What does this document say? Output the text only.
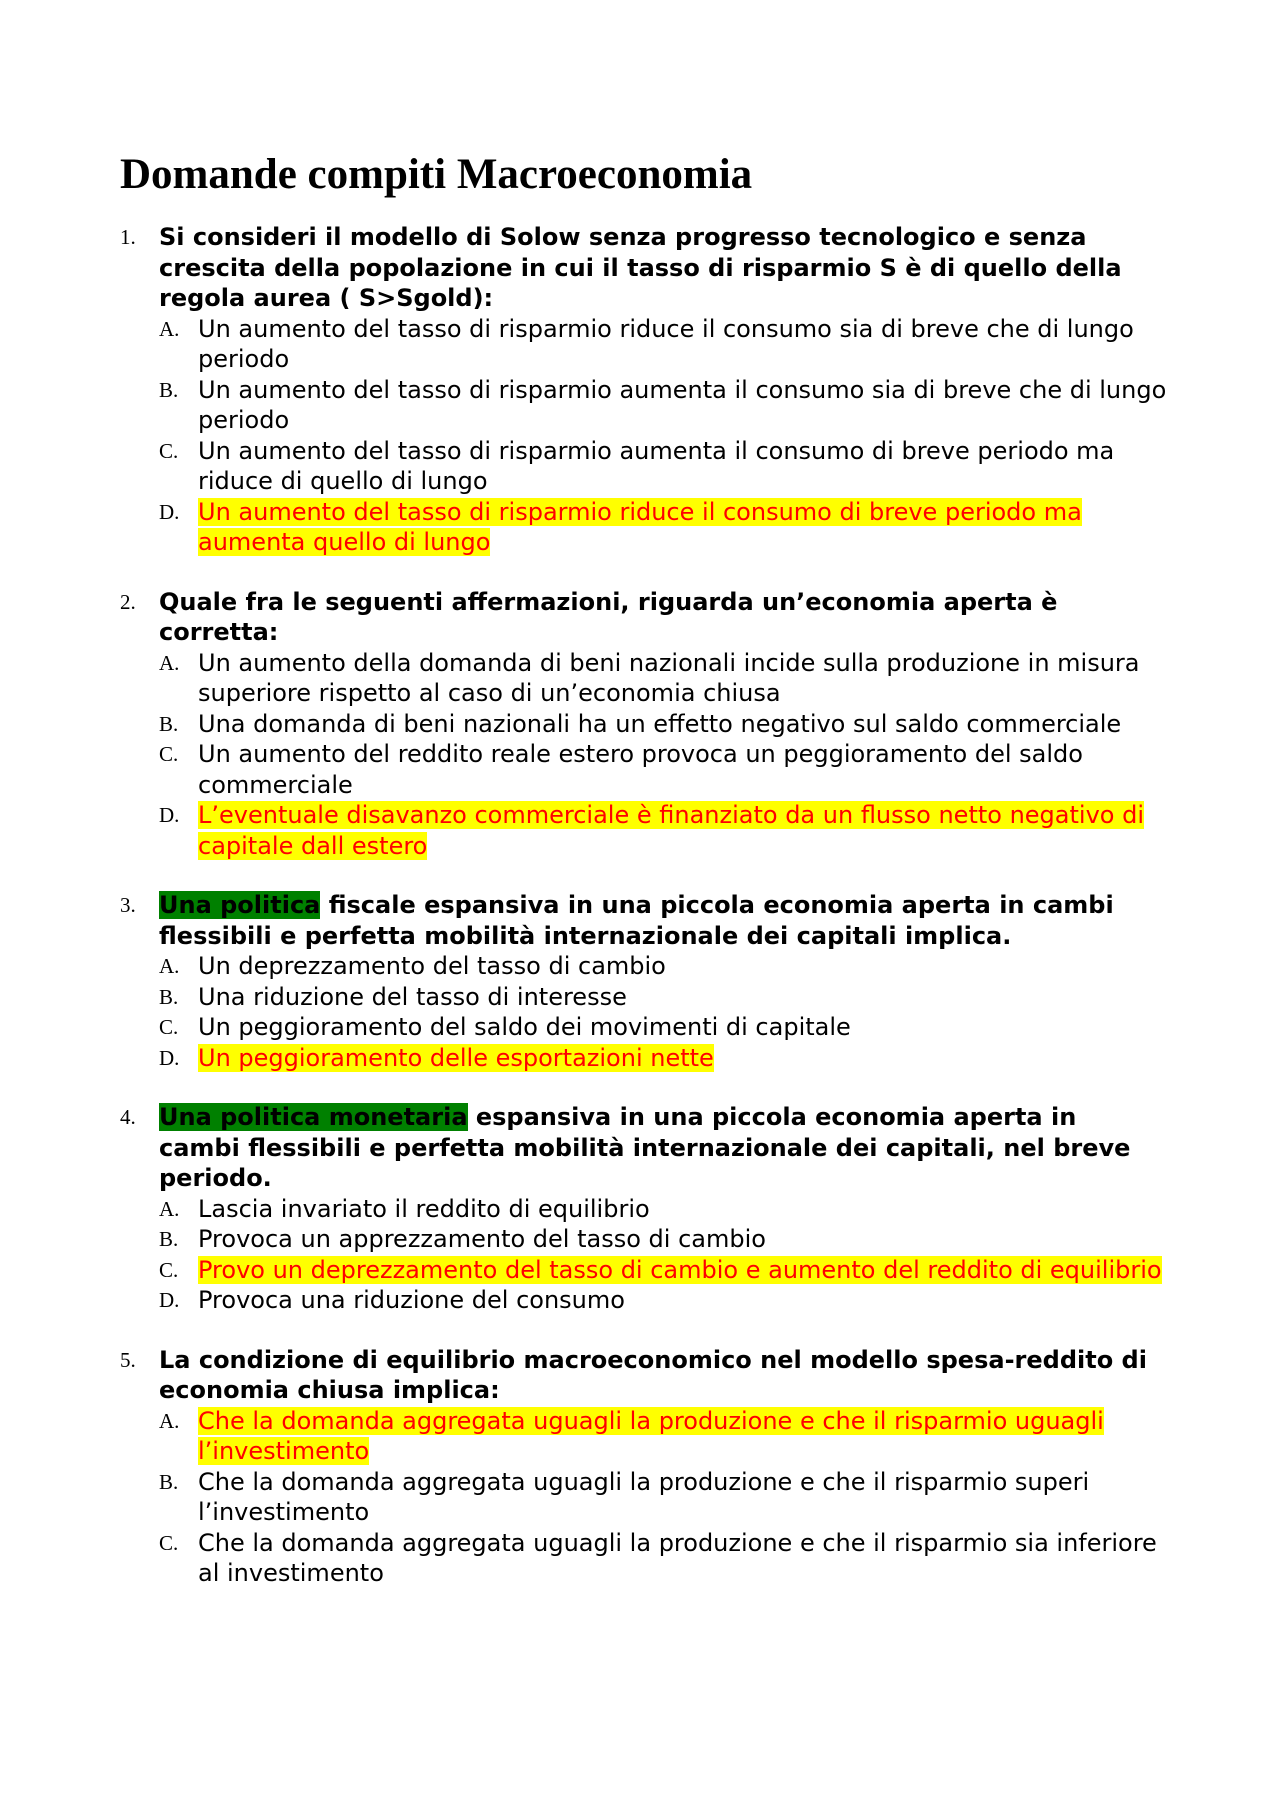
Domande compiti Macroeconomia
1. Si consideri il modello di Solow senza progresso tecnologico e senza crescita della popolazione in cui il tasso di risparmio S è di quello della regola aurea ( S>Sgold):
A. Un aumento del tasso di risparmio riduce il consumo sia di breve che di lungo periodo
B. Un aumento del tasso di risparmio aumenta il consumo sia di breve che di lungo periodo
C. Un aumento del tasso di risparmio aumenta il consumo di breve periodo ma riduce di quello di lungo
D. Un aumento del tasso di risparmio riduce il consumo di breve periodo ma aumenta quello di lungo
2. Quale fra le seguenti affermazioni, riguarda un’economia aperta è corretta:
A. Un aumento della domanda di beni nazionali incide sulla produzione in misura superiore rispetto al caso di un’economia chiusa
B. Una domanda di beni nazionali ha un effetto negativo sul saldo commerciale
C. Un aumento del reddito reale estero provoca un peggioramento del saldo commerciale
D. L’eventuale disavanzo commerciale è finanziato da un flusso netto negativo di capitale dall estero
3. Una politica fiscale espansiva in una piccola economia aperta in cambi flessibili e perfetta mobilità internazionale dei capitali implica.
A. Un deprezzamento del tasso di cambio
B. Una riduzione del tasso di interesse
C. Un peggioramento del saldo dei movimenti di capitale
D. Un peggioramento delle esportazioni nette
4. Una politica monetaria espansiva in una piccola economia aperta in cambi flessibili e perfetta mobilità internazionale dei capitali, nel breve periodo.
A. Lascia invariato il reddito di equilibrio
B. Provoca un apprezzamento del tasso di cambio
C. Provo un deprezzamento del tasso di cambio e aumento del reddito di equilibrio
D. Provoca una riduzione del consumo
5. La condizione di equilibrio macroeconomico nel modello spesa-reddito di economia chiusa implica:
A. Che la domanda aggregata uguagli la produzione e che il risparmio uguagli l’investimento
B. Che la domanda aggregata uguagli la produzione e che il risparmio superi l’investimento
C. Che la domanda aggregata uguagli la produzione e che il risparmio sia inferiore al investimento
